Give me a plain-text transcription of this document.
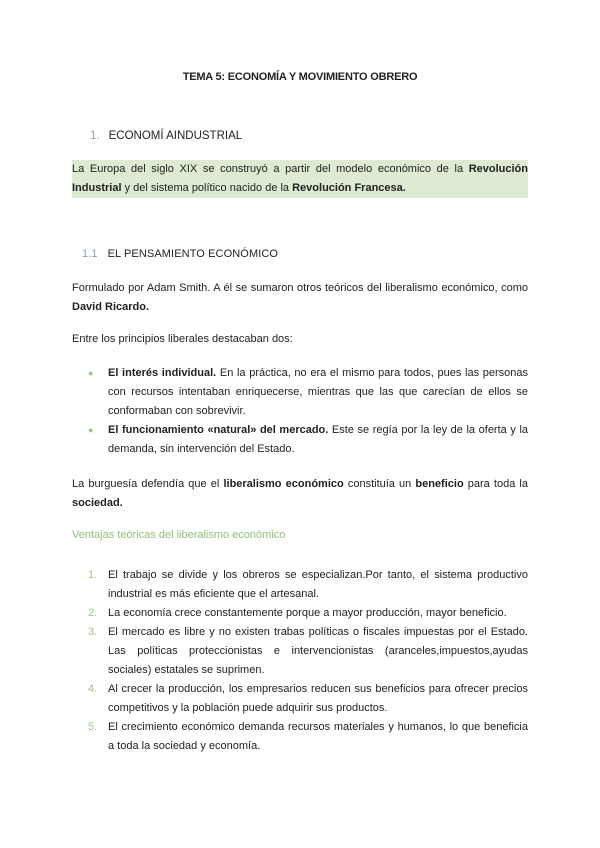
TEMA 5: ECONOMÍA Y MOVIMIENTO OBRERO
1. ECONOMÍ AINDUSTRIAL
La Europa del siglo XIX se construyó a partir del modelo económico de la Revolución Industrial y del sistema político nacido de la Revolución Francesa.
1.1 EL PENSAMIENTO ECONÓMICO
Formulado por Adam Smith. A él se sumaron otros teóricos del liberalismo económico, como David Ricardo.
Entre los principios liberales destacaban dos:
● El interés individual. En la práctica, no era el mismo para todos, pues las personas con recursos intentaban enriquecerse, mientras que las que carecían de ellos se conformaban con sobrevivir.
● El funcionamiento «natural» del mercado. Este se regía por la ley de la oferta y la demanda, sin intervención del Estado.
La burguesía defendía que el liberalismo económico constituía un beneficio para toda la sociedad.
Ventajas teóricas del liberalismo económico
1. El trabajo se divide y los obreros se especializan.Por tanto, el sistema productivo industrial es más eficiente que el artesanal.
2. La economía crece constantemente porque a mayor producción, mayor beneficio.
3. El mercado es libre y no existen trabas políticas o fiscales impuestas por el Estado. Las políticas proteccionistas e intervencionistas (aranceles,impuestos,ayudas sociales) estatales se suprimen.
4. Al crecer la producción, los empresarios reducen sus beneficios para ofrecer precios competitivos y la población puede adquirir sus productos.
5. El crecimiento económico demanda recursos materiales y humanos, lo que beneficia a toda la sociedad y economía.
